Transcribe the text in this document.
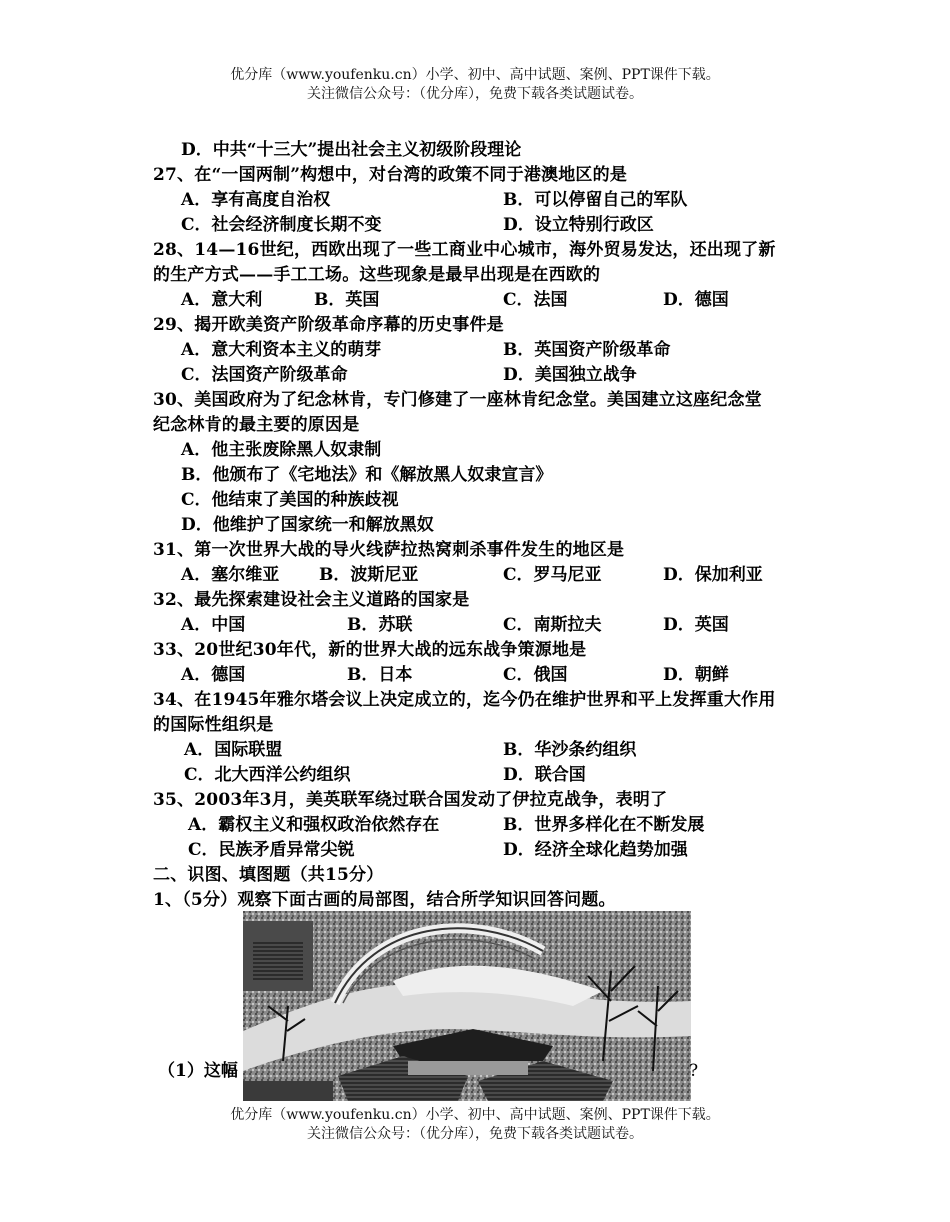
优分库（www.youfenku.cn）小学、初中、高中试题、案例、PPT课件下载。
关注微信公众号：（优分库），免费下载各类试题试卷。
D．中共“十三大”提出社会主义初级阶段理论
27、在“一国两制”构想中，对台湾的政策不同于港澳地区的是
A．享有高度自治权	B．可以停留自己的军队
C．社会经济制度长期不变	D．设立特别行政区
28、14—16世纪，西欧出现了一些工商业中心城市，海外贸易发达，还出现了新
的生产方式——手工工场。这些现象是最早出现是在西欧的
A．意大利	B．英国	C．法国	D．德国
29、揭开欧美资产阶级革命序幕的历史事件是
A．意大利资本主义的萌芽	B．英国资产阶级革命
C．法国资产阶级革命	D．美国独立战争
30、美国政府为了纪念林肯，专门修建了一座林肯纪念堂。美国建立这座纪念堂
纪念林肯的最主要的原因是
A．他主张废除黑人奴隶制
B．他颁布了《宅地法》和《解放黑人奴隶宣言》
C．他结束了美国的种族歧视
D．他维护了国家统一和解放黑奴
31、第一次世界大战的导火线萨拉热窝刺杀事件发生的地区是
A．塞尔维亚 B．波斯尼亚	C．罗马尼亚	D．保加利亚
32、最先探索建设社会主义道路的国家是
A．中国	B．苏联	C．南斯拉夫	D．英国
33、20世纪30年代，新的世界大战的远东战争策源地是
A．德国	B．日本	C．俄国	D．朝鲜
34、在1945年雅尔塔会议上决定成立的，迄今仍在维护世界和平上发挥重大作用
的国际性组织是
A．国际联盟	B．华沙条约组织
C．北大西洋公约组织	D．联合国
35、2003年3月，美英联军绕过联合国发动了伊拉克战争，表明了
A．霸权主义和强权政治依然存在	B．世界多样化在不断发展
C．民族矛盾异常尖锐	D．经济全球化趋势加强
二、识图、填图题（共15分）
1、（5分）观察下面古画的局部图，结合所学知识回答问题。
（1）这幅	?
优分库（www.youfenku.cn）小学、初中、高中试题、案例、PPT课件下载。
关注微信公众号：（优分库），免费下载各类试题试卷。
